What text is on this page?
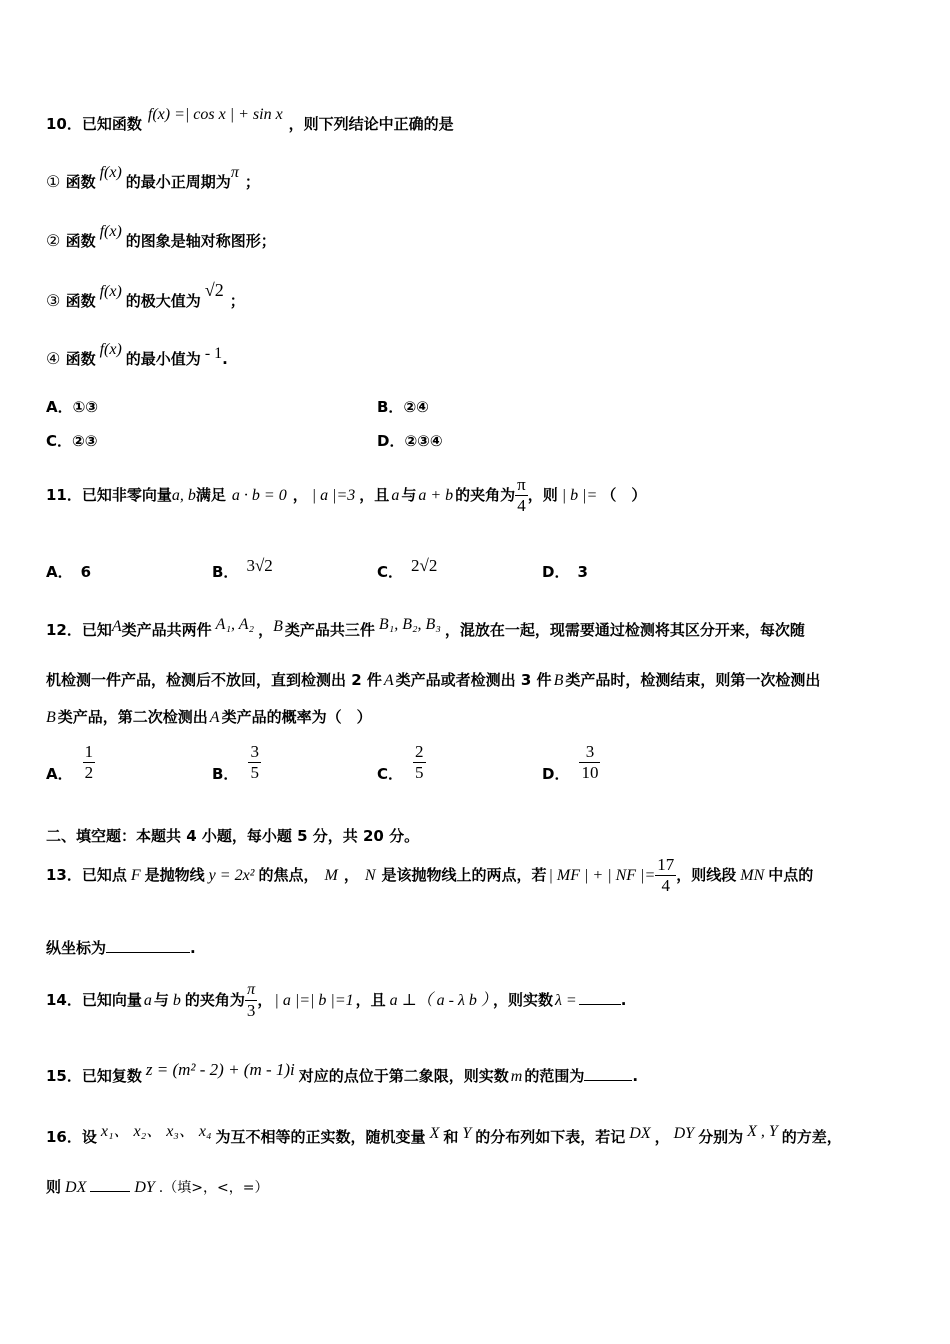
10．已知函数f(x) =| cos x | + sin x，则下列结论中正确的是
① 函数f(x)的最小正周期为π；
② 函数f(x)的图象是轴对称图形；
③ 函数f(x)的极大值为√2；
④ 函数f(x)的最小值为 - 1.
A．①③	B．②④
C．②③	D．②③④
11．已知非零向量a, b满足 a · b = 0 ， | a |=3 ，且 a 与 a + b 的夹角为 $\frac{\pi}{4}$ ，则 | b |= （　）
A． 6	B． 3√2	C． 2√2	D． 3
12．已知A类产品共两件 A₁, A₂ ，B 类产品共三件 B₁, B₂, B₃ ，混放在一起，现需要通过检测将其区分开来，每次随
机检测一件产品，检测后不放回，直到检测出 2 件 A 类产品或者检测出 3 件 B 类产品时，检测结束，则第一次检测出
B 类产品，第二次检测出 A 类产品的概率为（　）
A． $\frac{1}{2}$	B． $\frac{3}{5}$	C． $\frac{2}{5}$	D． $\frac{3}{10}$
二、填空题：本题共 4 小题，每小题 5 分，共 20 分。
13．已知点 F 是抛物线 y = 2x² 的焦点， M ， N 是该抛物线上的两点，若 | MF | + | NF |= $\frac{17}{4}$ ，则线段 MN 中点的
纵坐标为	.
14．已知向量 a 与 b 的夹角为 $\frac{\pi}{3}$ ， | a |=| b |=1 ，且 a ⊥（ a - λ b ） ，则实数 λ =	.
15．已知复数 z = (m² - 2) + (m - 1)i 对应的点位于第二象限，则实数 m 的范围为	.
16．设 x₁、 x₂、 x₃、 x₄ 为互不相等的正实数，随机变量 X 和 Y 的分布列如下表，若记 DX ， DY 分别为 X , Y 的方差，
则 DX	DY .（填>，<，=）
